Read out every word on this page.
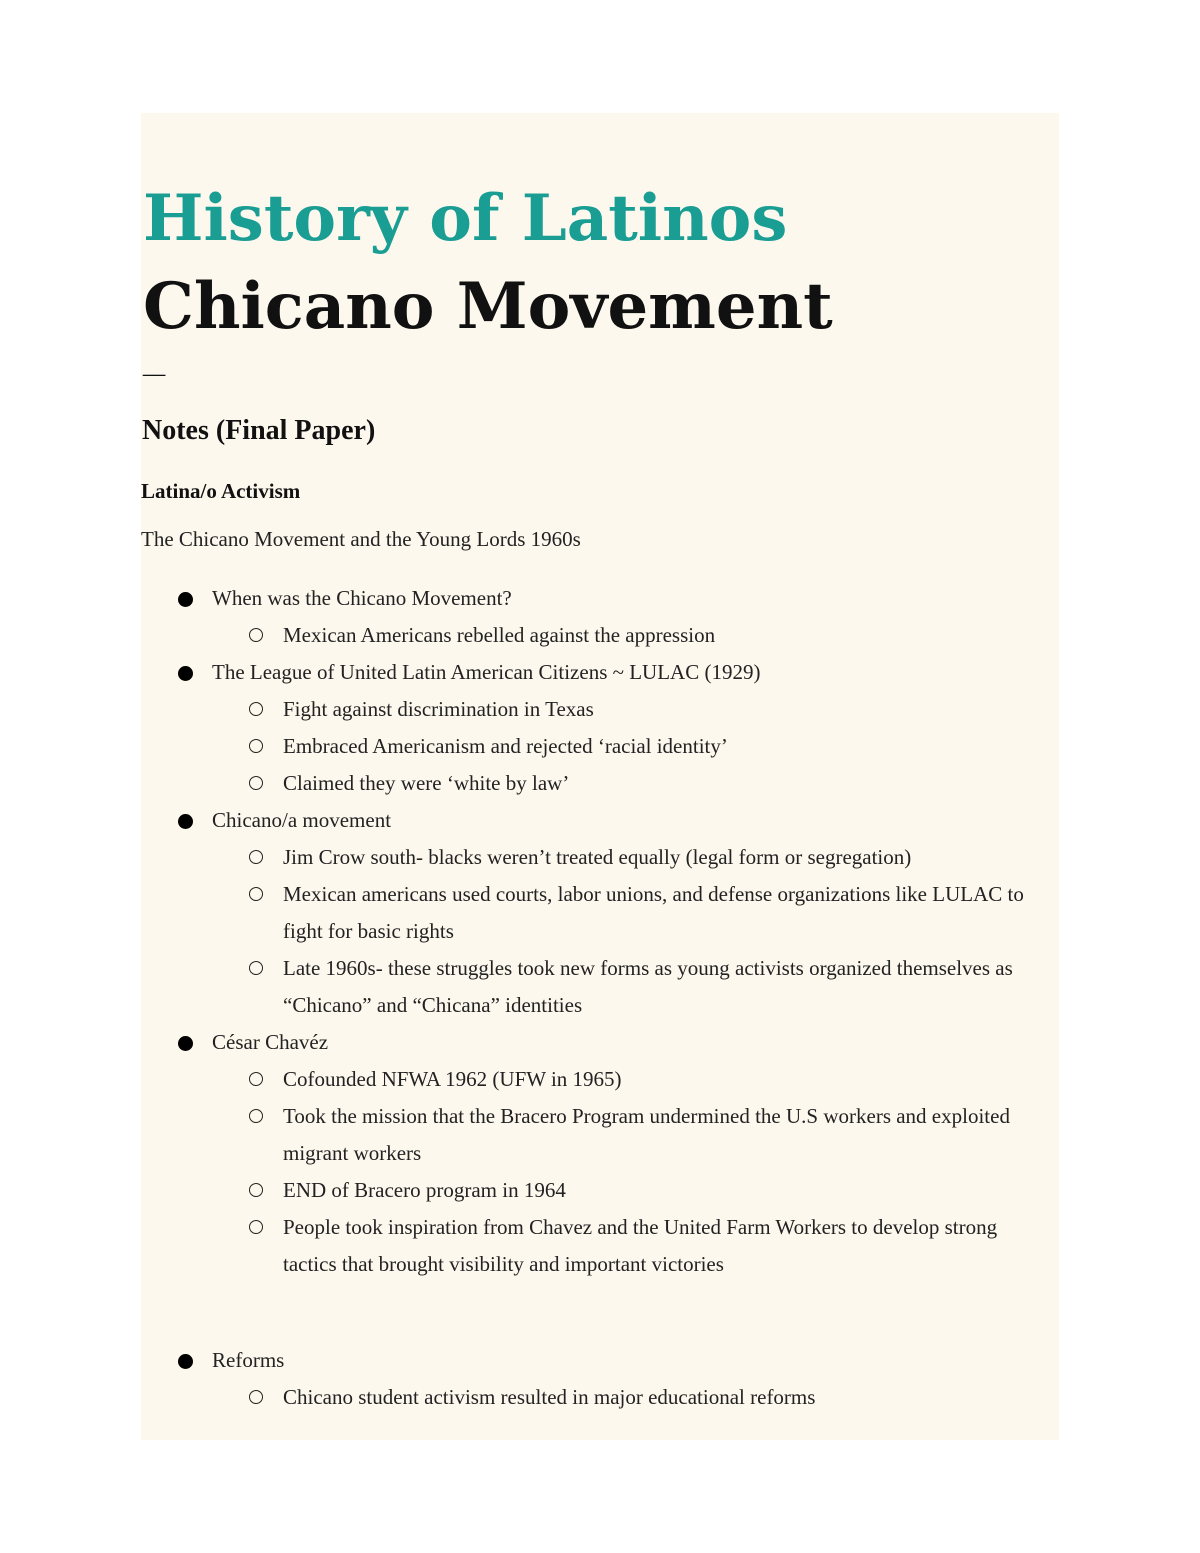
History of Latinos
Chicano Movement
__
Notes (Final Paper)
Latina/o Activism

The Chicano Movement and the Young Lords 1960s

When was the Chicano Movement?
Mexican Americans rebelled against the appression
The League of United Latin American Citizens ~ LULAC (1929)
Fight against discrimination in Texas
Embraced Americanism and rejected ‘racial identity’
Claimed they were ‘white by law’
Chicano/a movement
Jim Crow south- blacks weren’t treated equally (legal form or segregation)
Mexican americans used courts, labor unions, and defense organizations like LULAC to fight for basic rights
Late 1960s- these struggles took new forms as young activists organized themselves as “Chicano” and “Chicana” identities
César Chavéz
Cofounded NFWA 1962 (UFW in 1965)
Took the mission that the Bracero Program undermined the U.S workers and exploited migrant workers
END of Bracero program in 1964
People took inspiration from Chavez and the United Farm Workers to develop strong tactics that brought visibility and important victories
Reforms
Chicano student activism resulted in major educational reforms
